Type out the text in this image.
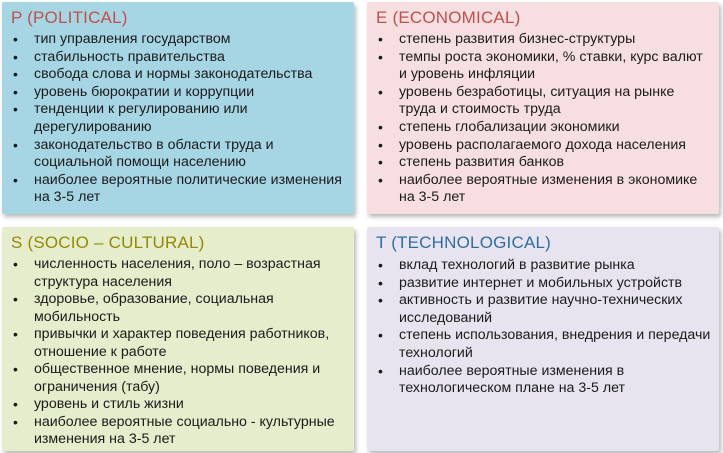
P (POLITICAL)
• тип управления государством
• стабильность правительства
• свобода слова и нормы законодательства
• уровень бюрократии и коррупции
• тенденции к регулированию или дерегулированию
• законодательство в области труда и социальной помощи населению
• наиболее вероятные политические изменения на 3-5 лет
E (ECONOMICAL)
• степень развития бизнес-структуры
• темпы роста экономики, % ставки, курс валют и уровень инфляции
• уровень безработицы, ситуация на рынке труда и стоимость труда
• степень глобализации экономики
• уровень располагаемого дохода населения
• степень развития банков
• наиболее вероятные изменения в экономике на 3-5 лет
S (SOCIO – CULTURAL)
• численность населения, поло – возрастная структура населения
• здоровье, образование, социальная мобильность
• привычки и характер поведения работников, отношение к работе
• общественное мнение, нормы поведения и ограничения (табу)
• уровень и стиль жизни
• наиболее вероятные социально - культурные изменения на 3-5 лет
T (TECHNOLOGICAL)
• вклад технологий в развитие рынка
• развитие интернет и мобильных устройств
• активность и развитие научно-технических исследований
• степень использования, внедрения и передачи технологий
• наиболее вероятные изменения в технологическом плане на 3-5 лет
